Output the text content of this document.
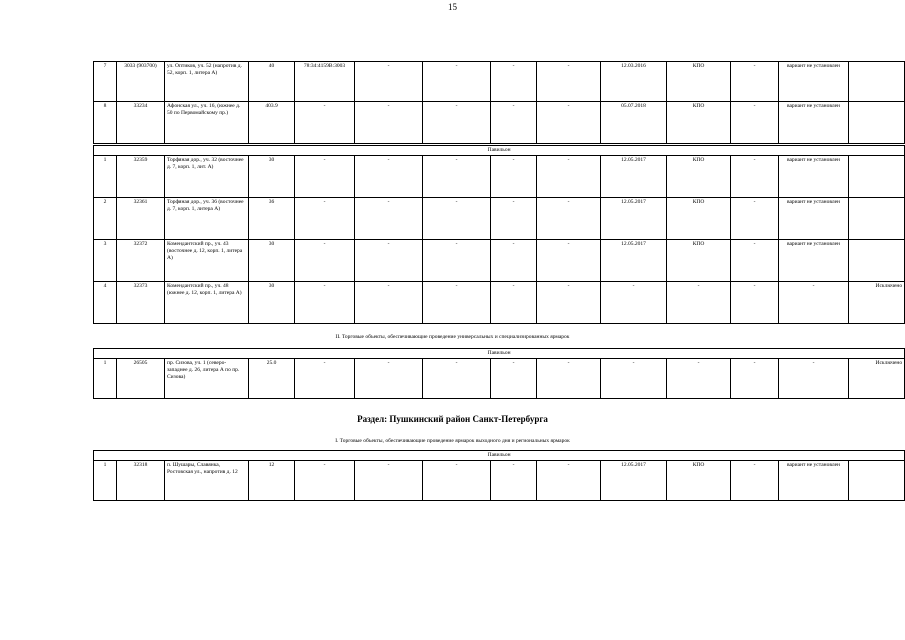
15
7	3033 (903700)	ул. Оптиков, уч. 52 (напротив д. 52, корп. 1, литера А)	40	78:34:4159B:3003	-	-	-	-	12.03.2016	КПО	-	вариант не установлен	
8	33234	Афонская ул., уч. 16, (южнее д. 50 по Первомайскому пр.)	403.9	-	-	-	-	-	05.07.2018	КПО	-	вариант не установлен	
Павильон													
1	32359	Торфяная дор., уч. 32 (восточнее д. 7, корп. 1, лит. А)	30	-	-	-	-	-	12.05.2017	КПО	-	вариант не установлен	
2	32361	Торфяная дор., уч. 36 (восточнее д. 7, корп. 1, литера А)	36	-	-	-	-	-	12.05.2017	КПО	-	вариант не установлен	
3	32372	Комендантский пр., уч. 43 (восточнее д. 12, корп. 1, литера А)	30	-	-	-	-	-	12.05.2017	КПО	-	вариант не установлен	
4	32373	Комендантский пр., уч. 48 (южнее д. 12, корп. 1, литера А)	30	-	-	-	-	-	-	-	-	-	Исключено
II. Торговые объекты, обеспечивающие проведение универсальных и специализированных ярмарок
Павильон
1	26505	пр. Сизова, уч. 1 (северо-западнее д. 26, литера А по пр. Сизова)	25.0	-	-	-	-	-	-	-	-	-	Исключено
Раздел: Пушкинский район Санкт-Петербурга
I. Торговые объекты, обеспечивающие проведение ярмарок выходного дня и региональных ярмарок
Павильон
1	32318	п. Шушары, Славянка, Ростовская ул., напротив д. 12	12	-	-	-	-	-	12.05.2017	КПО	-	вариант не установлен	
